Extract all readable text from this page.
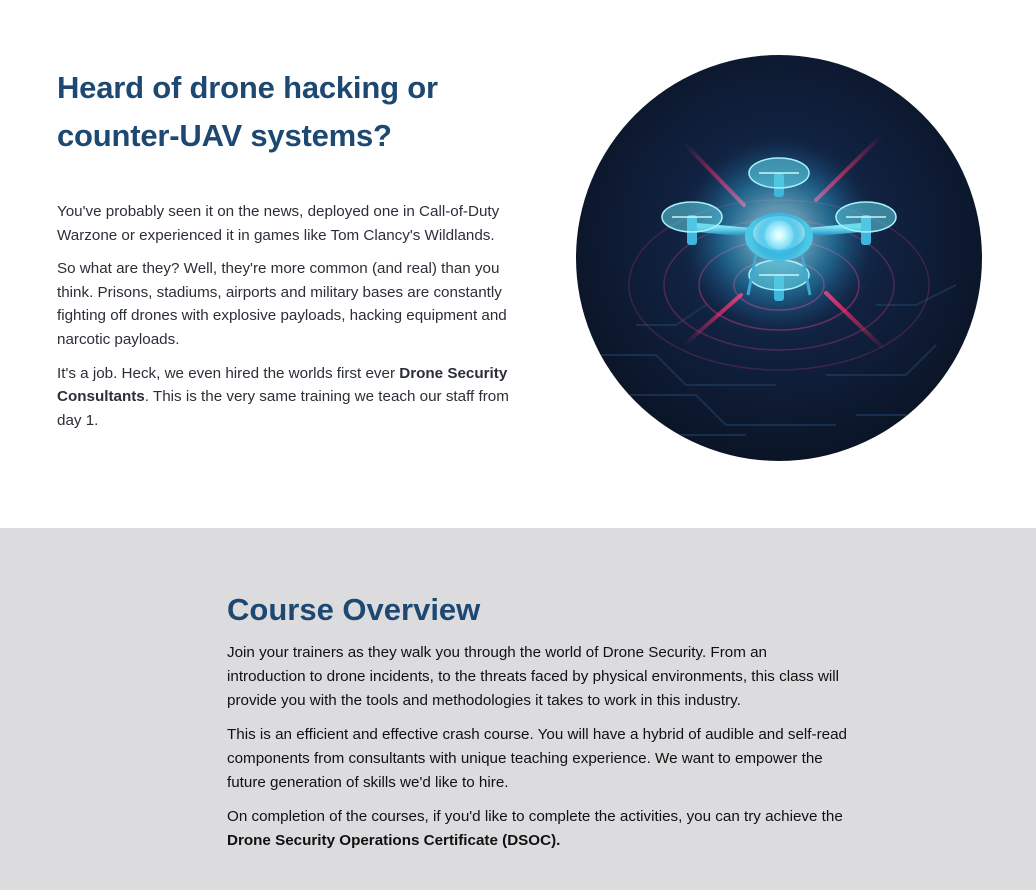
Heard of drone hacking or
counter-UAV systems?

You've probably seen it on the news, deployed one in Call-of-Duty Warzone or experienced it in games like Tom Clancy's Wildlands.

So what are they? Well, they're more common (and real) than you think. Prisons, stadiums, airports and military bases are constantly fighting off drones with explosive payloads, hacking equipment and narcotic payloads.

It's a job. Heck, we even hired the worlds first ever Drone Security Consultants. This is the very same training we teach our staff from day 1.

Course Overview

Join your trainers as they walk you through the world of Drone Security. From an introduction to drone incidents, to the threats faced by physical environments, this class will provide you with the tools and methodologies it takes to work in this industry.

This is an efficient and effective crash course. You will have a hybrid of audible and self-read components from consultants with unique teaching experience. We want to empower the future generation of skills we'd like to hire.

On completion of the courses, if you'd like to complete the activities, you can try achieve the Drone Security Operations Certificate (DSOC).
